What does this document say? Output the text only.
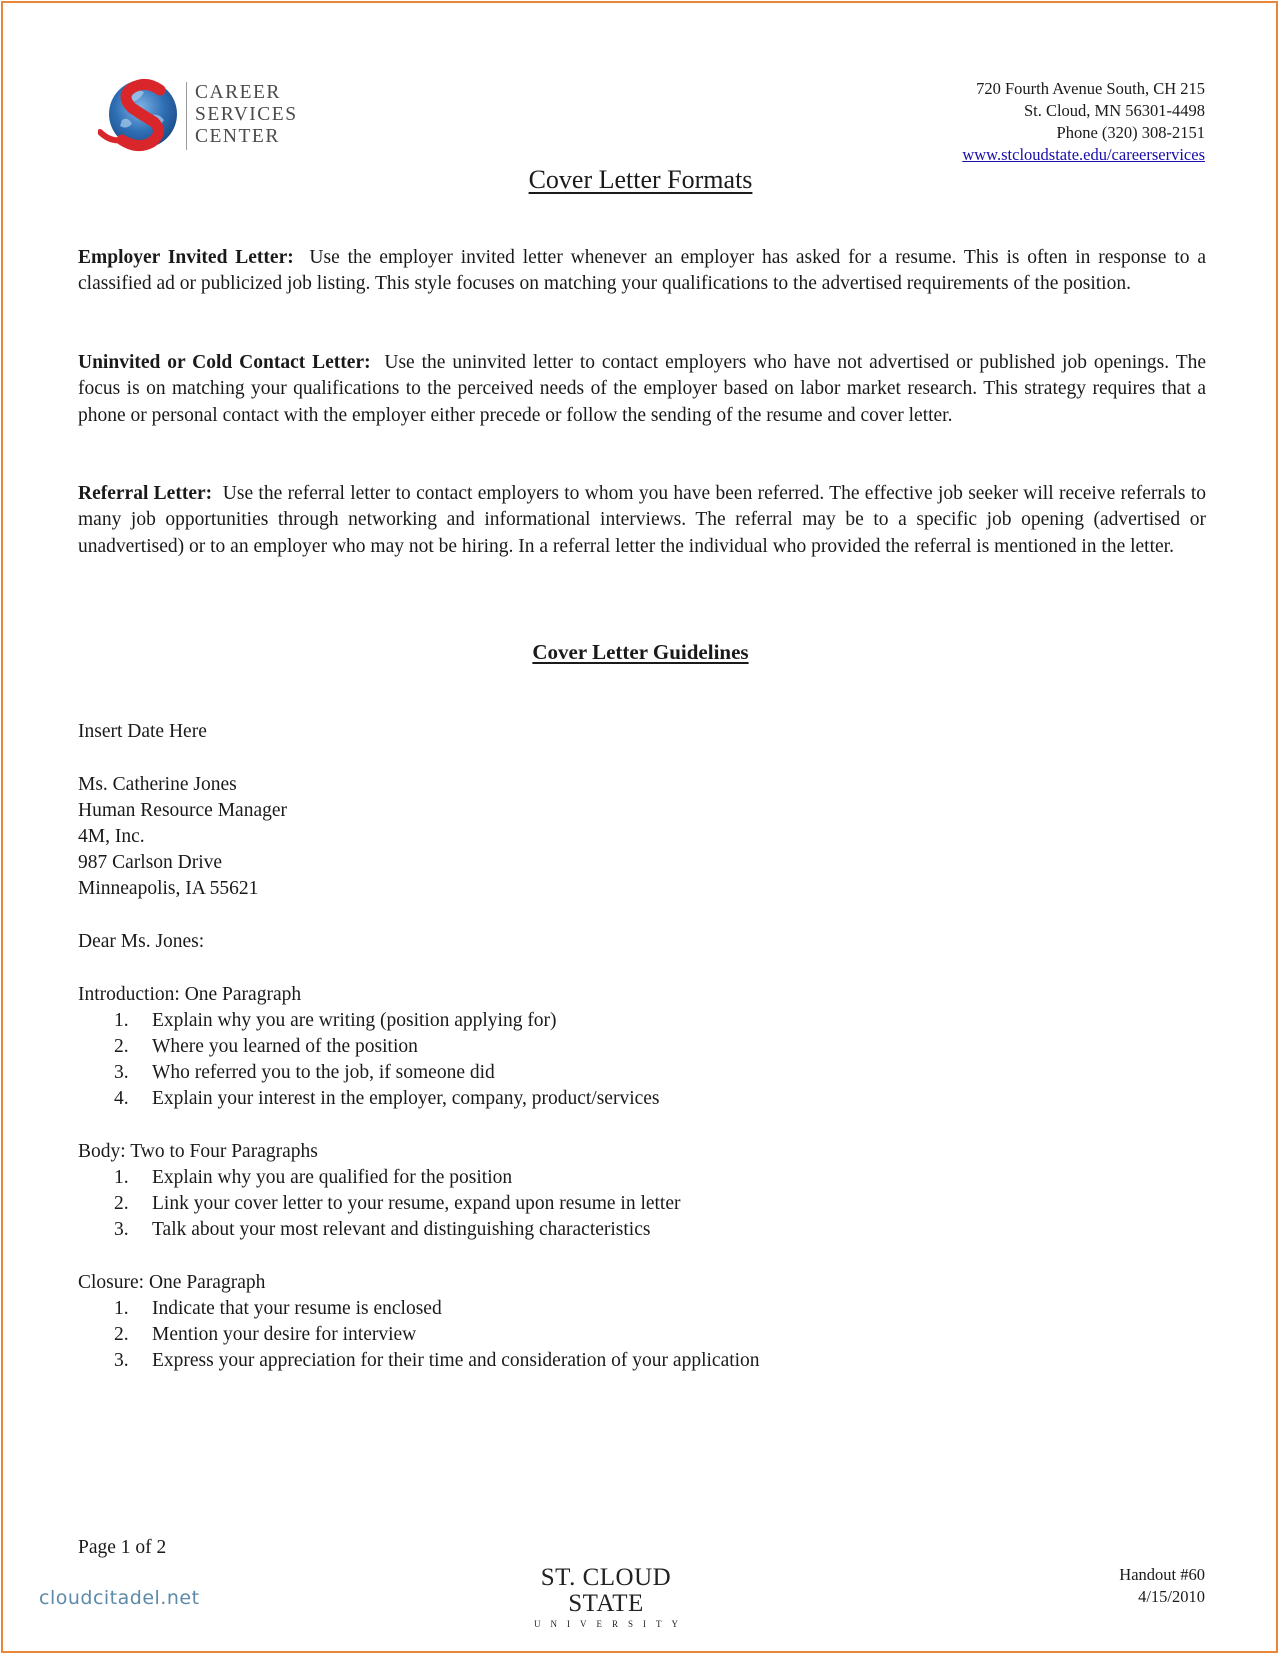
CAREER
SERVICES
CENTER
720 Fourth Avenue South, CH 215
St. Cloud, MN 56301-4498
Phone (320) 308-2151
www.stcloudstate.edu/careerservices
Cover Letter Formats
Employer Invited Letter: Use the employer invited letter whenever an employer has asked for a resume. This is often in response to a classified ad or publicized job listing. This style focuses on matching your qualifications to the advertised requirements of the position.
Uninvited or Cold Contact Letter: Use the uninvited letter to contact employers who have not advertised or published job openings. The focus is on matching your qualifications to the perceived needs of the employer based on labor market research. This strategy requires that a phone or personal contact with the employer either precede or follow the sending of the resume and cover letter.
Referral Letter: Use the referral letter to contact employers to whom you have been referred. The effective job seeker will receive referrals to many job opportunities through networking and informational interviews. The referral may be to a specific job opening (advertised or unadvertised) or to an employer who may not be hiring. In a referral letter the individual who provided the referral is mentioned in the letter.
Cover Letter Guidelines
Insert Date Here
Ms. Catherine Jones
Human Resource Manager
4M, Inc.
987 Carlson Drive
Minneapolis, IA 55621
Dear Ms. Jones:
Introduction: One Paragraph
1. Explain why you are writing (position applying for)
2. Where you learned of the position
3. Who referred you to the job, if someone did
4. Explain your interest in the employer, company, product/services
Body: Two to Four Paragraphs
1. Explain why you are qualified for the position
2. Link your cover letter to your resume, expand upon resume in letter
3. Talk about your most relevant and distinguishing characteristics
Closure: One Paragraph
1. Indicate that your resume is enclosed
2. Mention your desire for interview
3. Express your appreciation for their time and consideration of your application
Page 1 of 2
ST. CLOUD STATE
UNIVERSITY
Handout #60
4/15/2010
cloudcitadel.net
